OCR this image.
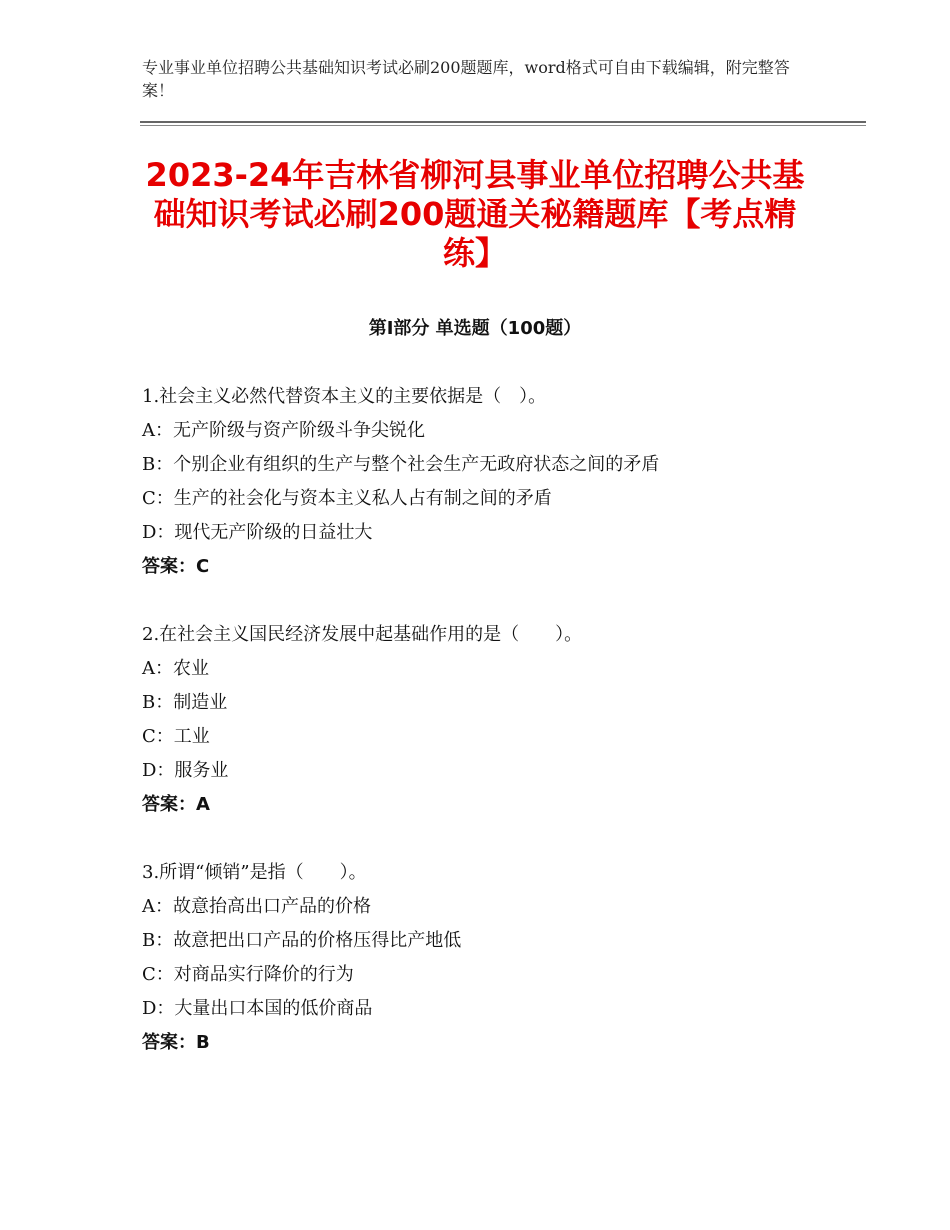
专业事业单位招聘公共基础知识考试必刷200题题库，word格式可自由下载编辑，附完整答案！
2023-24年吉林省柳河县事业单位招聘公共基础知识考试必刷200题通关秘籍题库【考点精练】
第Ⅰ部分 单选题（100题）
1.社会主义必然代替资本主义的主要依据是（　）。
A：无产阶级与资产阶级斗争尖锐化
B：个别企业有组织的生产与整个社会生产无政府状态之间的矛盾
C：生产的社会化与资本主义私人占有制之间的矛盾
D：现代无产阶级的日益壮大
答案：C
2.在社会主义国民经济发展中起基础作用的是（　　）。
A：农业
B：制造业
C：工业
D：服务业
答案：A
3.所谓“倾销”是指（　　）。
A：故意抬高出口产品的价格
B：故意把出口产品的价格压得比产地低
C：对商品实行降价的行为
D：大量出口本国的低价商品
答案：B
